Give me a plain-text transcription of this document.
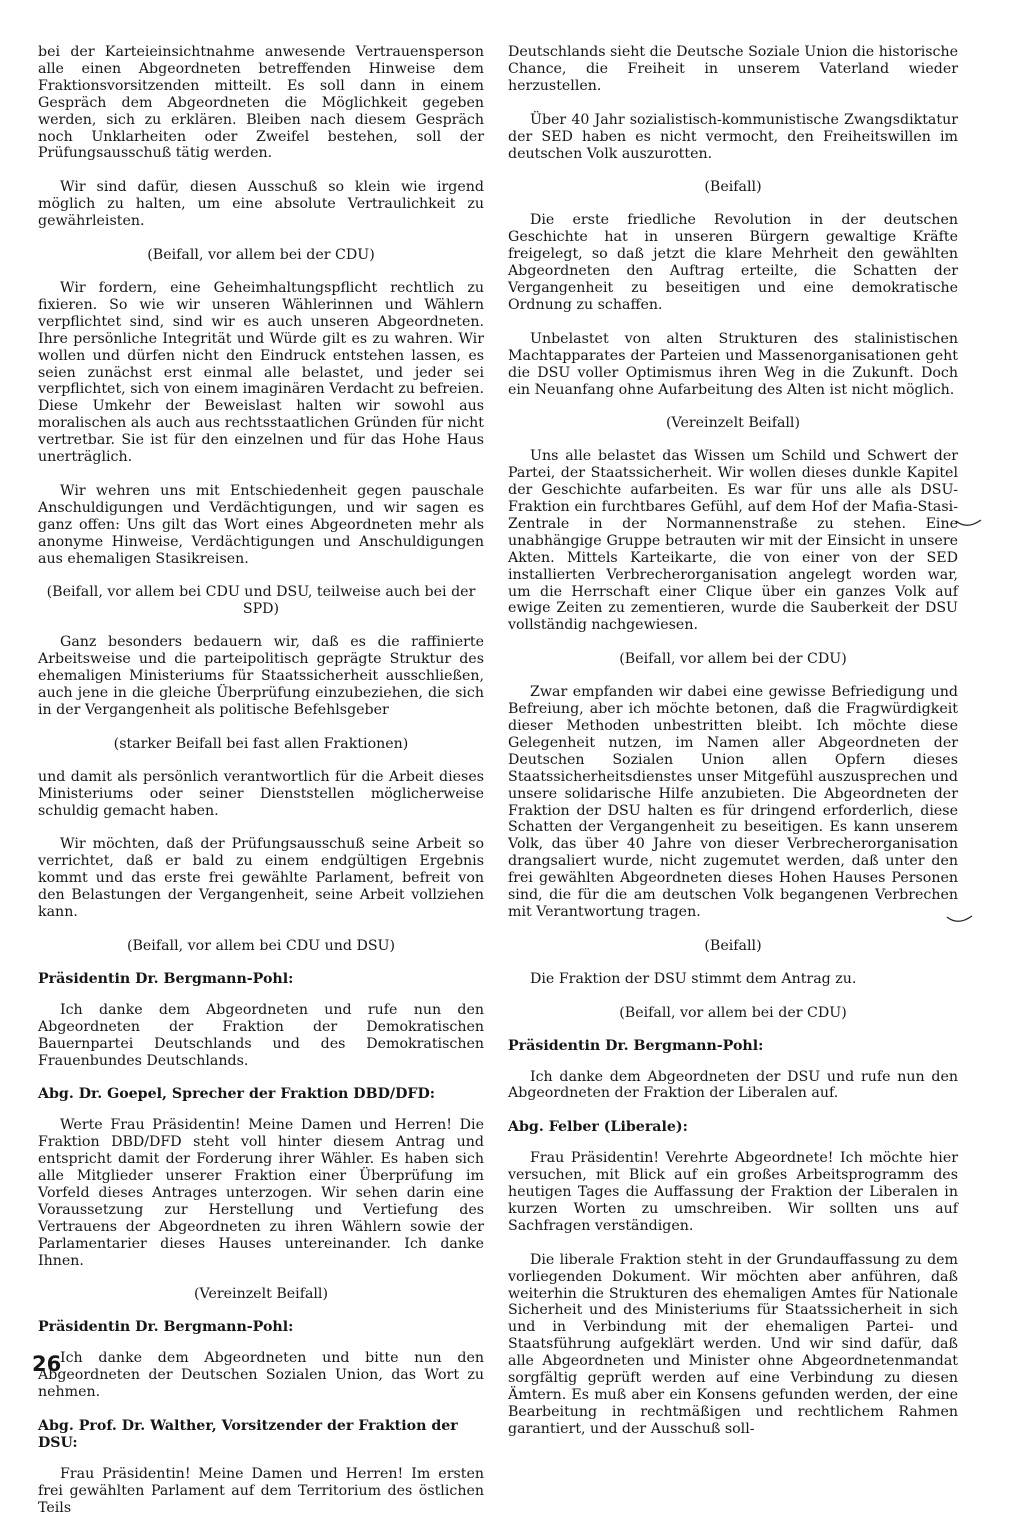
bei der Karteieinsichtnahme anwesende Vertrauensperson alle einen Abgeordneten betreffenden Hinweise dem Fraktionsvorsitzenden mitteilt. Es soll dann in einem Gespräch dem Abgeordneten die Möglichkeit gegeben werden, sich zu erklären. Bleiben nach diesem Gespräch noch Unklarheiten oder Zweifel bestehen, soll der Prüfungsausschuß tätig werden.

Wir sind dafür, diesen Ausschuß so klein wie irgend möglich zu halten, um eine absolute Vertraulichkeit zu gewährleisten.

(Beifall, vor allem bei der CDU)

Wir fordern, eine Geheimhaltungspflicht rechtlich zu fixieren. So wie wir unseren Wählerinnen und Wählern verpflichtet sind, sind wir es auch unseren Abgeordneten. Ihre persönliche Integrität und Würde gilt es zu wahren. Wir wollen und dürfen nicht den Eindruck entstehen lassen, es seien zunächst erst einmal alle belastet, und jeder sei verpflichtet, sich von einem imaginären Verdacht zu befreien. Diese Umkehr der Beweislast halten wir sowohl aus moralischen als auch aus rechtsstaatlichen Gründen für nicht vertretbar. Sie ist für den einzelnen und für das Hohe Haus unerträglich.

Wir wehren uns mit Entschiedenheit gegen pauschale Anschuldigungen und Verdächtigungen, und wir sagen es ganz offen: Uns gilt das Wort eines Abgeordneten mehr als anonyme Hinweise, Verdächtigungen und Anschuldigungen aus ehemaligen Stasikreisen.

(Beifall, vor allem bei CDU und DSU, teilweise auch bei der SPD)

Ganz besonders bedauern wir, daß es die raffinierte Arbeitsweise und die parteipolitisch geprägte Struktur des ehemaligen Ministeriums für Staatssicherheit ausschließen, auch jene in die gleiche Überprüfung einzubeziehen, die sich in der Vergangenheit als politische Befehlsgeber

(starker Beifall bei fast allen Fraktionen)

und damit als persönlich verantwortlich für die Arbeit dieses Ministeriums oder seiner Dienststellen möglicherweise schuldig gemacht haben.

Wir möchten, daß der Prüfungsausschuß seine Arbeit so verrichtet, daß er bald zu einem endgültigen Ergebnis kommt und das erste frei gewählte Parlament, befreit von den Belastungen der Vergangenheit, seine Arbeit vollziehen kann.

(Beifall, vor allem bei CDU und DSU)
Präsidentin Dr. Bergmann-Pohl:

Ich danke dem Abgeordneten und rufe nun den Abgeordneten der Fraktion der Demokratischen Bauernpartei Deutschlands und des Demokratischen Frauenbundes Deutschlands.

Abg. Dr. Goepel, Sprecher der Fraktion DBD/DFD:

Werte Frau Präsidentin! Meine Damen und Herren! Die Fraktion DBD/DFD steht voll hinter diesem Antrag und entspricht damit der Forderung ihrer Wähler. Es haben sich alle Mitglieder unserer Fraktion einer Überprüfung im Vorfeld dieses Antrages unterzogen. Wir sehen darin eine Voraussetzung zur Herstellung und Vertiefung des Vertrauens der Abgeordneten zu ihren Wählern sowie der Parlamentarier dieses Hauses untereinander. Ich danke Ihnen.

(Vereinzelt Beifall)
Präsidentin Dr. Bergmann-Pohl:

Ich danke dem Abgeordneten und bitte nun den Abgeordneten der Deutschen Sozialen Union, das Wort zu nehmen.

Abg. Prof. Dr. Walther, Vorsitzender der Fraktion der DSU:

Frau Präsidentin! Meine Damen und Herren! Im ersten frei gewählten Parlament auf dem Territorium des östlichen Teils

Deutschlands sieht die Deutsche Soziale Union die historische Chance, die Freiheit in unserem Vaterland wieder herzustellen.

Über 40 Jahr sozialistisch-kommunistische Zwangsdiktatur der SED haben es nicht vermocht, den Freiheitswillen im deutschen Volk auszurotten.

(Beifall)

Die erste friedliche Revolution in der deutschen Geschichte hat in unseren Bürgern gewaltige Kräfte freigelegt, so daß jetzt die klare Mehrheit den gewählten Abgeordneten den Auftrag erteilte, die Schatten der Vergangenheit zu beseitigen und eine demokratische Ordnung zu schaffen.

Unbelastet von alten Strukturen des stalinistischen Machtapparates der Parteien und Massenorganisationen geht die DSU voller Optimismus ihren Weg in die Zukunft. Doch ein Neuanfang ohne Aufarbeitung des Alten ist nicht möglich.

(Vereinzelt Beifall)

Uns alle belastet das Wissen um Schild und Schwert der Partei, der Staatssicherheit. Wir wollen dieses dunkle Kapitel der Geschichte aufarbeiten. Es war für uns alle als DSU-Fraktion ein furchtbares Gefühl, auf dem Hof der Mafia-Stasi-Zentrale in der Normannenstraße zu stehen. Eine unabhängige Gruppe betrauten wir mit der Einsicht in unsere Akten. Mittels Karteikarte, die von einer von der SED installierten Verbrecherorganisation angelegt worden war, um die Herrschaft einer Clique über ein ganzes Volk auf ewige Zeiten zu zementieren, wurde die Sauberkeit der DSU vollständig nachgewiesen.

(Beifall, vor allem bei der CDU)

Zwar empfanden wir dabei eine gewisse Befriedigung und Befreiung, aber ich möchte betonen, daß die Fragwürdigkeit dieser Methoden unbestritten bleibt. Ich möchte diese Gelegenheit nutzen, im Namen aller Abgeordneten der Deutschen Sozialen Union allen Opfern dieses Staatssicherheitsdienstes unser Mitgefühl auszusprechen und unsere solidarische Hilfe anzubieten. Die Abgeordneten der Fraktion der DSU halten es für dringend erforderlich, diese Schatten der Vergangenheit zu beseitigen. Es kann unserem Volk, das über 40 Jahre von dieser Verbrecherorganisation drangsaliert wurde, nicht zugemutet werden, daß unter den frei gewählten Abgeordneten dieses Hohen Hauses Personen sind, die für die am deutschen Volk begangenen Verbrechen mit Verantwortung tragen.

(Beifall)

Die Fraktion der DSU stimmt dem Antrag zu.

(Beifall, vor allem bei der CDU)
Präsidentin Dr. Bergmann-Pohl:

Ich danke dem Abgeordneten der DSU und rufe nun den Abgeordneten der Fraktion der Liberalen auf.

Abg. Felber (Liberale):

Frau Präsidentin! Verehrte Abgeordnete! Ich möchte hier versuchen, mit Blick auf ein großes Arbeitsprogramm des heutigen Tages die Auffassung der Fraktion der Liberalen in kurzen Worten zu umschreiben. Wir sollten uns auf Sachfragen verständigen.

Die liberale Fraktion steht in der Grundauffassung zu dem vorliegenden Dokument. Wir möchten aber anführen, daß weiterhin die Strukturen des ehemaligen Amtes für Nationale Sicherheit und des Ministeriums für Staatssicherheit in sich und in Verbindung mit der ehemaligen Partei- und Staatsführung aufgeklärt werden. Und wir sind dafür, daß alle Abgeordneten und Minister ohne Abgeordnetenmandat sorgfältig geprüft werden auf eine Verbindung zu diesen Ämtern. Es muß aber ein Konsens gefunden werden, der eine Bearbeitung in rechtmäßigen und rechtlichem Rahmen garantiert, und der Ausschuß soll-

26
